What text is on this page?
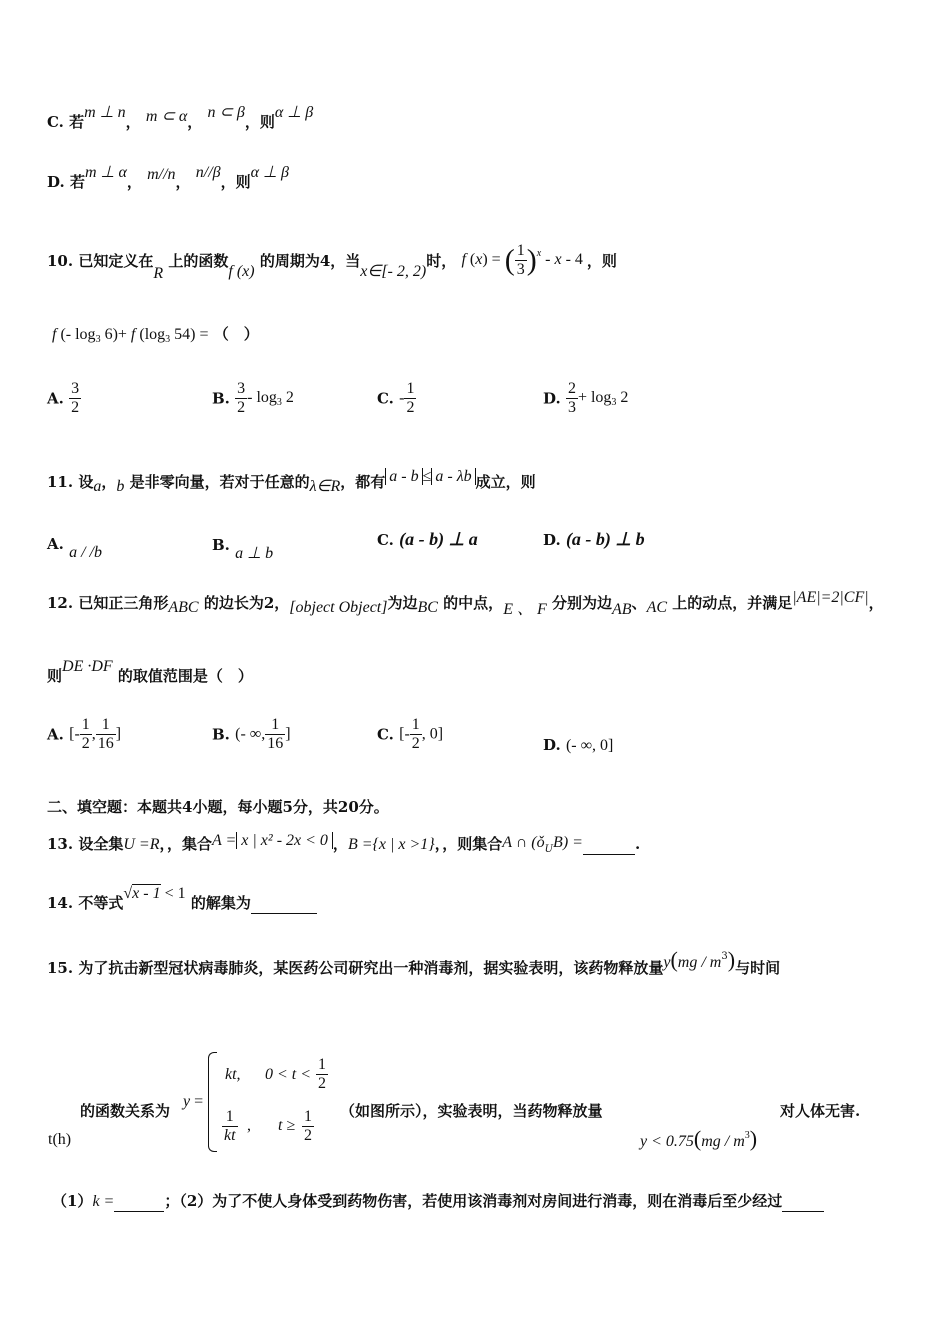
C. 若m ⊥ n， m ⊂ α， n ⊂ β，则α ⊥ β
D. 若m ⊥ α， m//n， n//β，则α ⊥ β
10. 已知定义在R 上的函数f (x) 的周期为4，当x∈[- 2, 2)时， f (x) = ( $\frac{1}{3} )^x$ - x - 4 ，则
f (- $\log_3 6)+ f$ ($\log_3$ 54) = （　）
A. $\frac{3}{2}$	B. $\frac{3}{2} - \log_3 2$	C. - $\frac{1}{2}$	D. $\frac{2}{3} + \log_3 2$
11. 设a，b 是非零向量，若对于任意的λ∈R，都有 a - b ≤ a - λb 成立，则
A. a / /b	B. a ⊥ b
C. (a - b) ⊥ a	D. (a - b) ⊥ b
12. 已知正三角形ABC 的边长为2，[object Object]为边BC 的中点，E 、 F 分别为边AB、AC 上的动点，并满足|AE|=2|CF|，
则DE ·DF 的取值范围是（　）
A. [- $\frac{1}{2}$ , $\frac{1}{16}$ ]	B. (- ∞, $\frac{1}{16}$ ]	C. [- $\frac{1}{2}$ , 0]
D. (- ∞, 0]
二、填空题：本题共4小题，每小题5分，共20分。
13. 设全集U =R，，集合A = x | x² - 2x < 0 ，B ={x | x >1}，，则集合A ∩ $(ǒ_UB)$ =	.
14. 不等式√x - 1 < 1 的解集为
15. 为了抗击新型冠状病毒肺炎，某医药公司研究出一种消毒剂，据实验表明，该药物释放量$y(mg / m^3)$与时间
的函数关系为
y =
kt, $0 < t < \frac{1}{2}$
$\frac{1}{kt}$ , $t \ge \frac{1}{2}$ （如图所示），实验表明，当药物释放量	对人体无害.
$y < 0.75(mg / m^3)$
t(h)
（1）k =	；（2）为了不使人身体受到药物伤害，若使用该消毒剂对房间进行消毒，则在消毒后至少经过
